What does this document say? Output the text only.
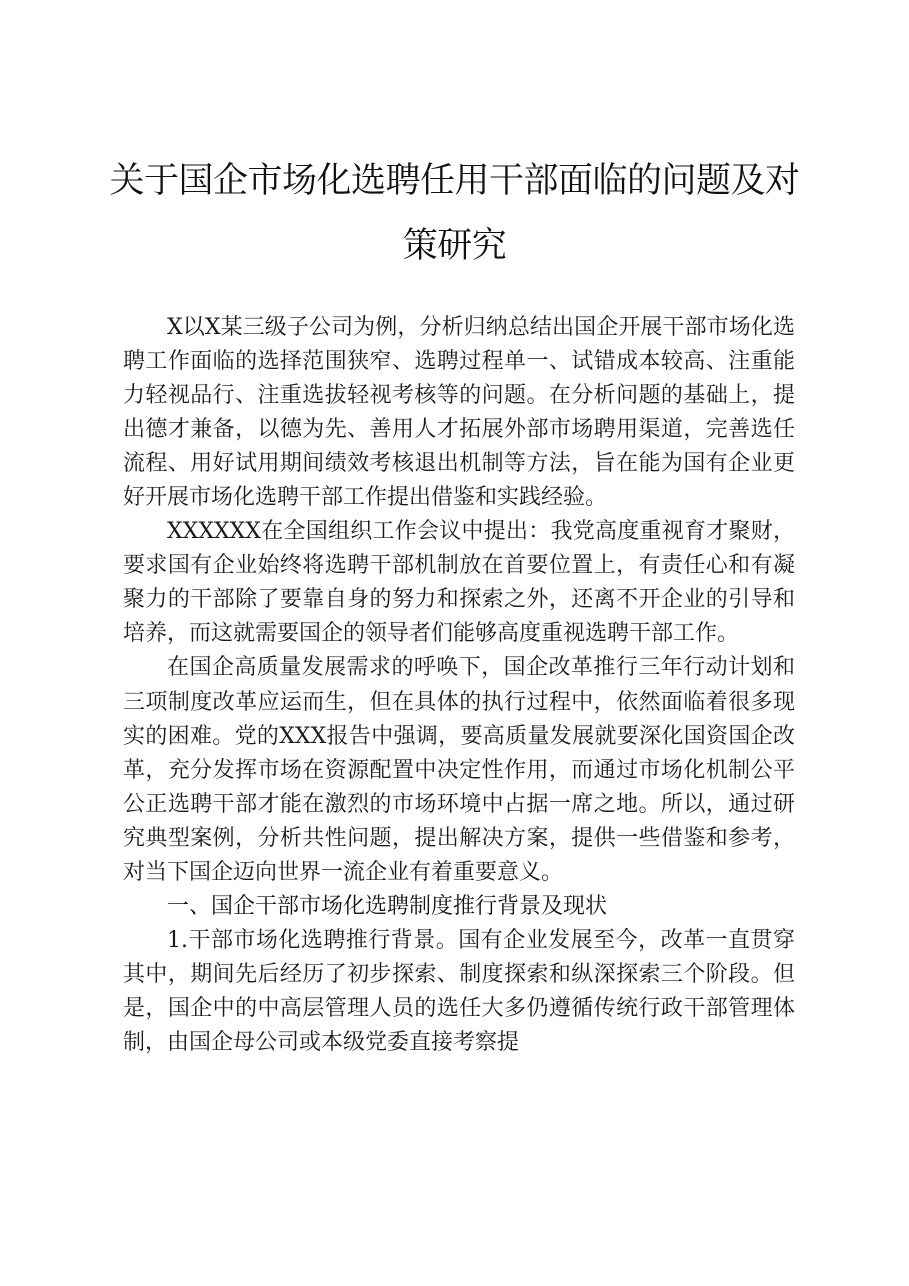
关于国企市场化选聘任用干部面临的问题及对
策研究

X以X某三级子公司为例，分析归纳总结出国企开展干部市场化选聘工作面临的选择范围狭窄、选聘过程单一、试错成本较高、注重能力轻视品行、注重选拔轻视考核等的问题。在分析问题的基础上，提出德才兼备，以德为先、善用人才拓展外部市场聘用渠道，完善选任流程、用好试用期间绩效考核退出机制等方法，旨在能为国有企业更好开展市场化选聘干部工作提出借鉴和实践经验。

XXXXXX在全国组织工作会议中提出：我党高度重视育才聚财，要求国有企业始终将选聘干部机制放在首要位置上，有责任心和有凝聚力的干部除了要靠自身的努力和探索之外，还离不开企业的引导和培养，而这就需要国企的领导者们能够高度重视选聘干部工作。

在国企高质量发展需求的呼唤下，国企改革推行三年行动计划和三项制度改革应运而生，但在具体的执行过程中，依然面临着很多现实的困难。党的XXX报告中强调，要高质量发展就要深化国资国企改革，充分发挥市场在资源配置中决定性作用，而通过市场化机制公平公正选聘干部才能在激烈的市场环境中占据一席之地。所以，通过研究典型案例，分析共性问题，提出解决方案，提供一些借鉴和参考，对当下国企迈向世界一流企业有着重要意义。

一、国企干部市场化选聘制度推行背景及现状

1.干部市场化选聘推行背景。国有企业发展至今，改革一直贯穿其中，期间先后经历了初步探索、制度探索和纵深探索三个阶段。但是，国企中的中高层管理人员的选任大多仍遵循传统行政干部管理体制，由国企母公司或本级党委直接考察提
